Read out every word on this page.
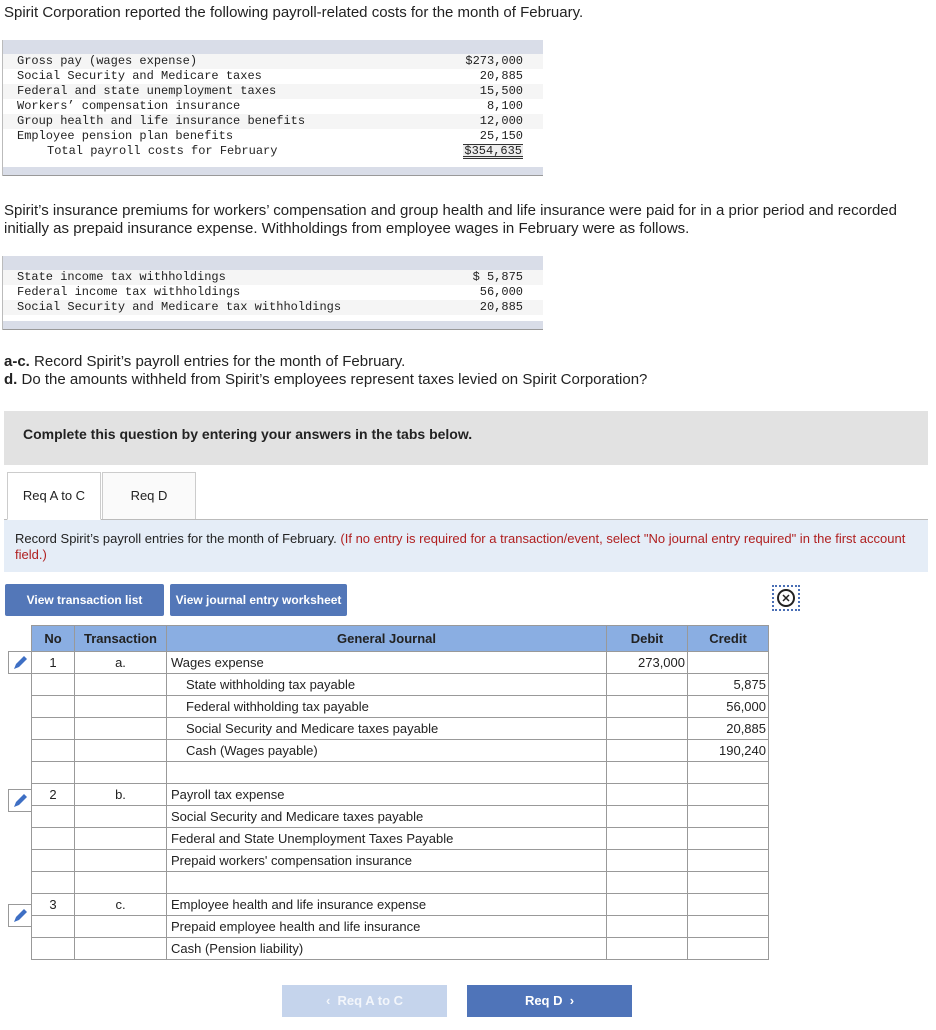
Spirit Corporation reported the following payroll-related costs for the month of February.
Gross pay (wages expense)	$273,000
Social Security and Medicare taxes	20,885
Federal and state unemployment taxes	15,500
Workers’ compensation insurance	8,100
Group health and life insurance benefits	12,000
Employee pension plan benefits	25,150
Total payroll costs for February	$354,635
Spirit’s insurance premiums for workers’ compensation and group health and life insurance were paid for in a prior period and recorded initially as prepaid insurance expense. Withholdings from employee wages in February were as follows.
State income tax withholdings	$ 5,875
Federal income tax withholdings	56,000
Social Security and Medicare tax withholdings	20,885
a-c. Record Spirit’s payroll entries for the month of February.
d. Do the amounts withheld from Spirit’s employees represent taxes levied on Spirit Corporation?
Complete this question by entering your answers in the tabs below.
Req A to C	Req D
Record Spirit’s payroll entries for the month of February. (If no entry is required for a transaction/event, select "No journal entry required" in the first account field.)
View transaction list	View journal entry worksheet
No	Transaction	General Journal	Debit	Credit
1	a.	Wages expense	273,000	
		State withholding tax payable		5,875
		Federal withholding tax payable		56,000
		Social Security and Medicare taxes payable		20,885
		Cash (Wages payable)		190,240

2	b.	Payroll tax expense		
		Social Security and Medicare taxes payable		
		Federal and State Unemployment Taxes Payable		
		Prepaid workers' compensation insurance		

3	c.	Employee health and life insurance expense		
		Prepaid employee health and life insurance		
		Cash (Pension liability)		
‹  Req A to C	Req D  ›
